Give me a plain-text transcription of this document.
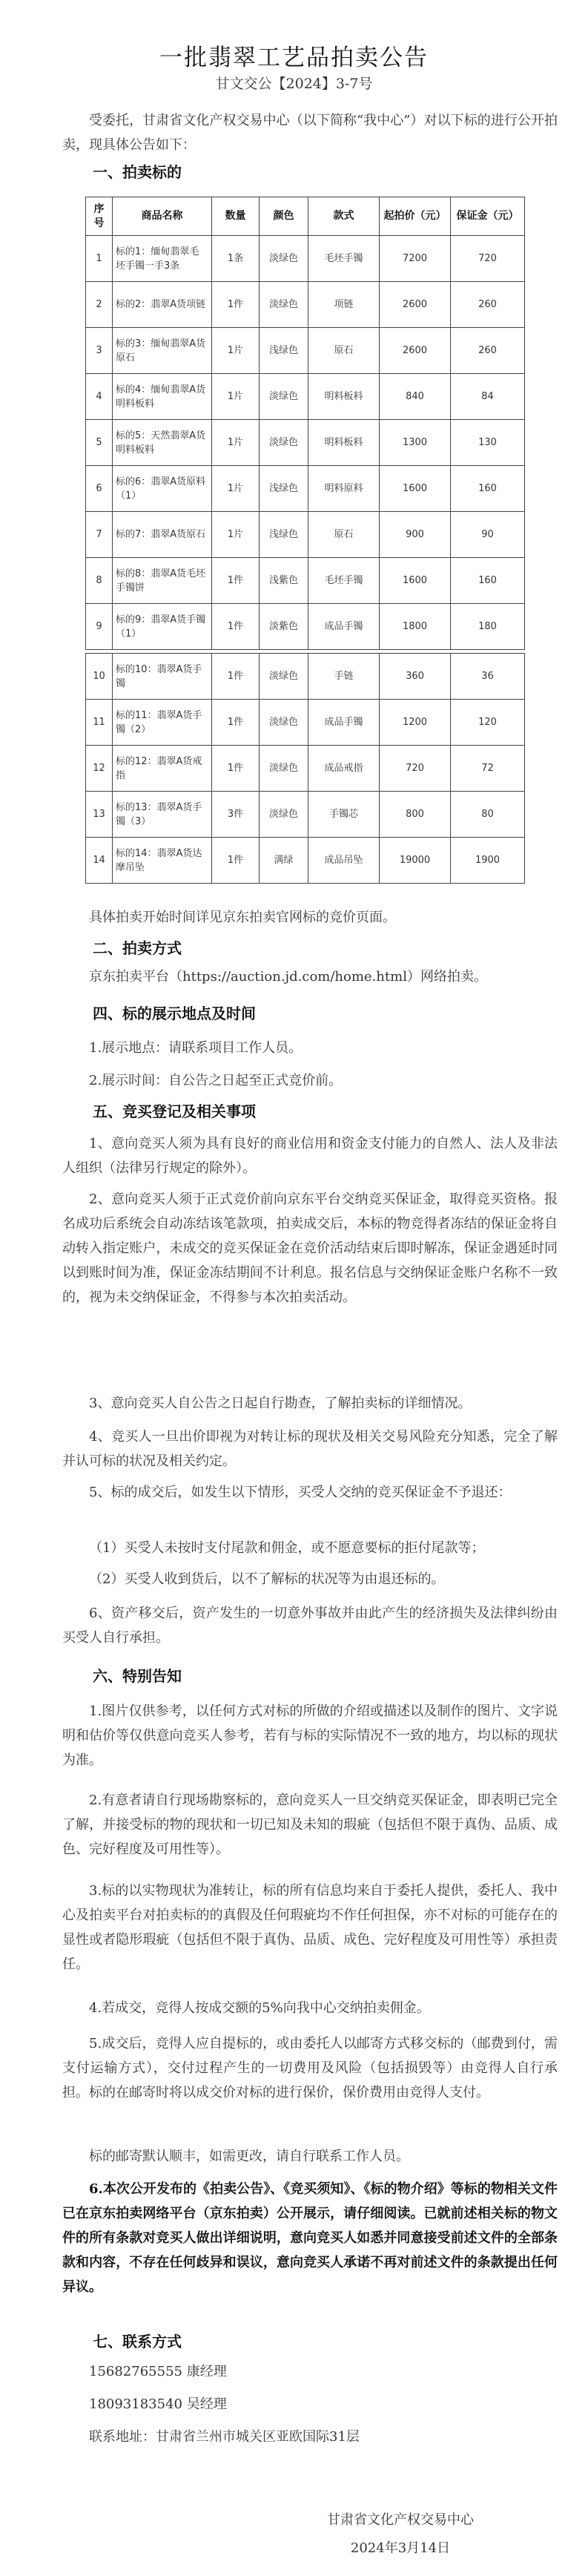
一批翡翠工艺品拍卖公告
甘文交公【2024】3-7号
受委托，甘肃省文化产权交易中心（以下简称“我中心”）对以下标的进行公开拍卖，现具体公告如下：
一、拍卖标的
序号	商品名称	数量	颜色	款式	起拍价（元）	保证金（元）
1	标的1：缅甸翡翠毛坯手镯一手3条	1条	淡绿色	毛坯手镯	7200	720
2	标的2：翡翠A货项链	1件	淡绿色	项链	2600	260
3	标的3：缅甸翡翠A货原石	1片	浅绿色	原石	2600	260
4	标的4：缅甸翡翠A货明料板料	1片	淡绿色	明料板料	840	84
5	标的5：天然翡翠A货明料板料	1片	淡绿色	明料板料	1300	130
6	标的6：翡翠A货原料（1）	1片	浅绿色	明料原料	1600	160
7	标的7：翡翠A货原石	1片	浅绿色	原石	900	90
8	标的8：翡翠A货毛坯手镯饼	1件	浅紫色	毛坯手镯	1600	160
9	标的9：翡翠A货手镯（1）	1件	淡紫色	成品手镯	1800	180
10	标的10：翡翠A货手镯	1件	淡绿色	手链	360	36
11	标的11：翡翠A货手镯（2）	1件	淡绿色	成品手镯	1200	120
12	标的12：翡翠A货戒指	1件	淡绿色	成品戒指	720	72
13	标的13：翡翠A货手镯（3）	3件	淡绿色	手镯芯	800	80
14	标的14：翡翠A货达摩吊坠	1件	满绿	成品吊坠	19000	1900
具体拍卖开始时间详见京东拍卖官网标的竞价页面。
二、拍卖方式
京东拍卖平台（https://auction.jd.com/home.html）网络拍卖。
四、标的展示地点及时间
1.展示地点：请联系项目工作人员。
2.展示时间：自公告之日起至正式竞价前。
五、竞买登记及相关事项
1、意向竞买人须为具有良好的商业信用和资金支付能力的自然人、法人及非法人组织（法律另行规定的除外）。
2、意向竞买人须于正式竞价前向京东平台交纳竞买保证金，取得竞买资格。报名成功后系统会自动冻结该笔款项，拍卖成交后，本标的物竞得者冻结的保证金将自动转入指定账户，未成交的竞买保证金在竞价活动结束后即时解冻，保证金遇延时同以到账时间为准，保证金冻结期间不计利息。报名信息与交纳保证金账户名称不一致的，视为未交纳保证金，不得参与本次拍卖活动。
3、意向竞买人自公告之日起自行勘查，了解拍卖标的详细情况。
4、竞买人一旦出价即视为对转让标的现状及相关交易风险充分知悉，完全了解并认可标的状况及相关约定。
5、标的成交后，如发生以下情形，买受人交纳的竞买保证金不予退还：
（1）买受人未按时支付尾款和佣金，或不愿意要标的拒付尾款等；
（2）买受人收到货后，以不了解标的状况等为由退还标的。
6、资产移交后，资产发生的一切意外事故并由此产生的经济损失及法律纠纷由买受人自行承担。
六、特别告知
1.图片仅供参考，以任何方式对标的所做的介绍或描述以及制作的图片、文字说明和估价等仅供意向竞买人参考，若有与标的实际情况不一致的地方，均以标的现状为准。
2.有意者请自行现场勘察标的，意向竞买人一旦交纳竞买保证金，即表明已完全了解，并接受标的物的现状和一切已知及未知的瑕疵（包括但不限于真伪、品质、成色、完好程度及可用性等）。
3.标的以实物现状为准转让，标的所有信息均来自于委托人提供，委托人、我中心及拍卖平台对拍卖标的的真假及任何瑕疵均不作任何担保，亦不对标的可能存在的显性或者隐形瑕疵（包括但不限于真伪、品质、成色、完好程度及可用性等）承担责任。
4.若成交，竞得人按成交额的5%向我中心交纳拍卖佣金。
5.成交后，竞得人应自提标的，或由委托人以邮寄方式移交标的（邮费到付，需支付运输方式），交付过程产生的一切费用及风险（包括损毁等）由竞得人自行承担。标的在邮寄时将以成交价对标的进行保价，保价费用由竞得人支付。
标的邮寄默认顺丰，如需更改，请自行联系工作人员。
6.本次公开发布的《拍卖公告》、《竞买须知》、《标的物介绍》等标的物相关文件已在京东拍卖网络平台（京东拍卖）公开展示，请仔细阅读。已就前述相关标的物文件的所有条款对竞买人做出详细说明，意向竞买人如悉并同意接受前述文件的全部条款和内容，不存在任何歧异和误议，意向竞买人承诺不再对前述文件的条款提出任何异议。
七、联系方式
15682765555 康经理
18093183540 吴经理
联系地址：甘肃省兰州市城关区亚欧国际31层
甘肃省文化产权交易中心
2024年3月14日
